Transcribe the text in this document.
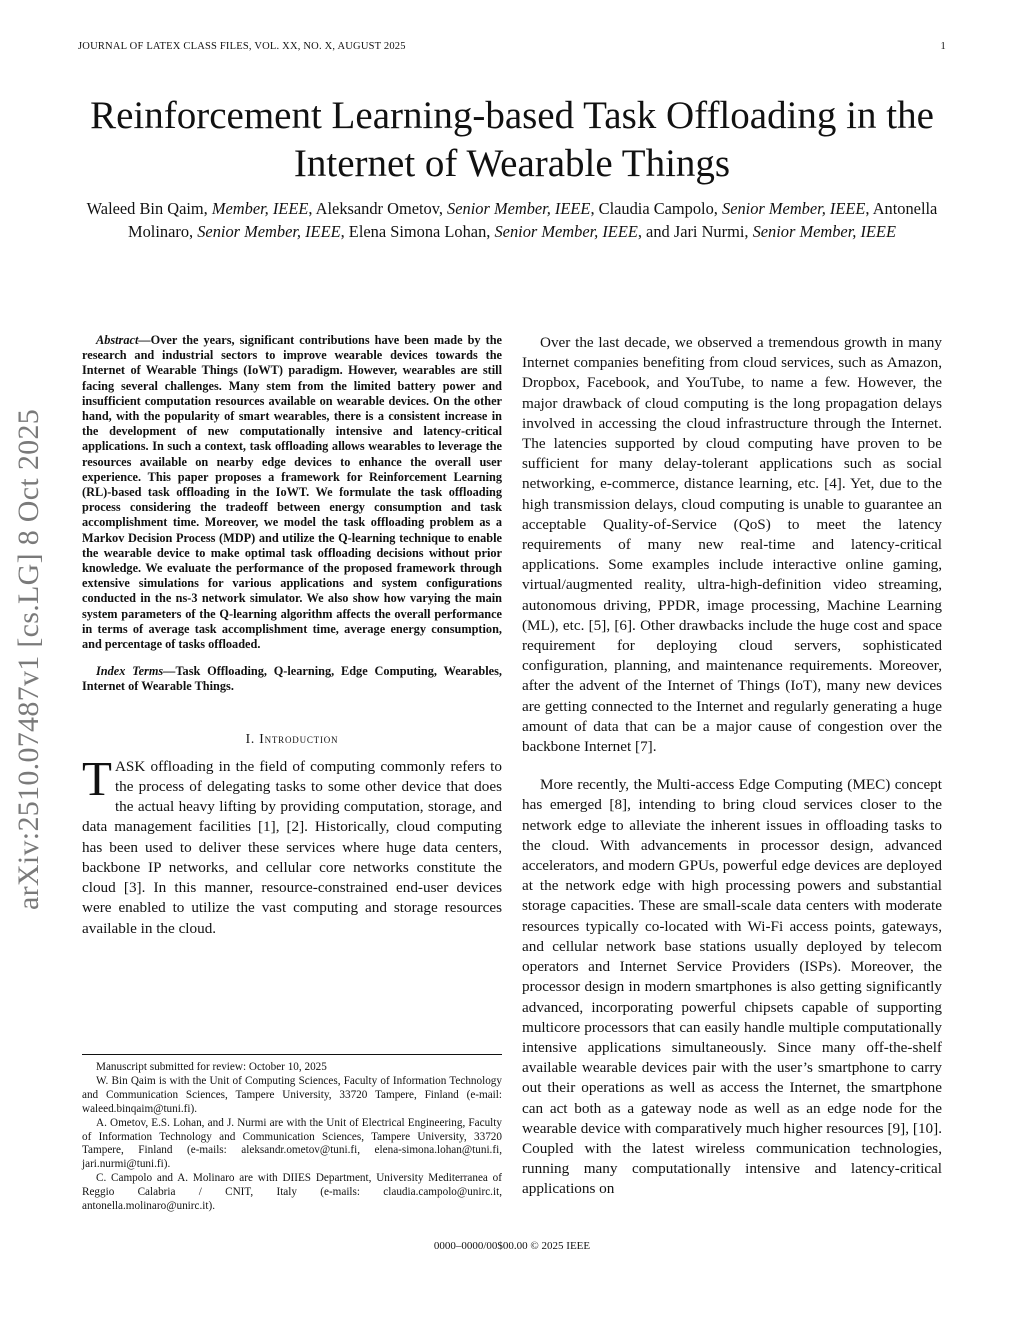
JOURNAL OF LATEX CLASS FILES, VOL. XX, NO. X, AUGUST 2025	1
arXiv:2510.07487v1 [cs.LG] 8 Oct 2025
Reinforcement Learning-based Task Offloading in the Internet of Wearable Things
Waleed Bin Qaim, Member, IEEE, Aleksandr Ometov, Senior Member, IEEE, Claudia Campolo, Senior Member, IEEE, Antonella Molinaro, Senior Member, IEEE, Elena Simona Lohan, Senior Member, IEEE, and Jari Nurmi, Senior Member, IEEE

Abstract—Over the years, significant contributions have been made by the research and industrial sectors to improve wearable devices towards the Internet of Wearable Things (IoWT) paradigm. However, wearables are still facing several challenges. Many stem from the limited battery power and insufficient computation resources available on wearable devices. On the other hand, with the popularity of smart wearables, there is a consistent increase in the development of new computationally intensive and latency-critical applications. In such a context, task offloading allows wearables to leverage the resources available on nearby edge devices to enhance the overall user experience. This paper proposes a framework for Reinforcement Learning (RL)-based task offloading in the IoWT. We formulate the task offloading process considering the tradeoff between energy consumption and task accomplishment time. Moreover, we model the task offloading problem as a Markov Decision Process (MDP) and utilize the Q-learning technique to enable the wearable device to make optimal task offloading decisions without prior knowledge. We evaluate the performance of the proposed framework through extensive simulations for various applications and system configurations conducted in the ns-3 network simulator. We also show how varying the main system parameters of the Q-learning algorithm affects the overall performance in terms of average task accomplishment time, average energy consumption, and percentage of tasks offloaded.

Index Terms—Task Offloading, Q-learning, Edge Computing, Wearables, Internet of Wearable Things.

I. Introduction

TASK offloading in the field of computing commonly refers to the process of delegating tasks to some other device that does the actual heavy lifting by providing computation, storage, and data management facilities [1], [2]. Historically, cloud computing has been used to deliver these services where huge data centers, backbone IP networks, and cellular core networks constitute the cloud [3]. In this manner, resource-constrained end-user devices were enabled to utilize the vast computing and storage resources available in the cloud.

Manuscript submitted for review: October 10, 2025

W. Bin Qaim is with the Unit of Computing Sciences, Faculty of Information Technology and Communication Sciences, Tampere University, 33720 Tampere, Finland (e-mail: waleed.binqaim@tuni.fi).

A. Ometov, E.S. Lohan, and J. Nurmi are with the Unit of Electrical Engineering, Faculty of Information Technology and Communication Sciences, Tampere University, 33720 Tampere, Finland (e-mails: aleksandr.ometov@tuni.fi, elena-simona.lohan@tuni.fi, jari.nurmi@tuni.fi).

C. Campolo and A. Molinaro are with DIIES Department, University Mediterranea of Reggio Calabria / CNIT, Italy (e-mails: claudia.campolo@unirc.it, antonella.molinaro@unirc.it).

Over the last decade, we observed a tremendous growth in many Internet companies benefiting from cloud services, such as Amazon, Dropbox, Facebook, and YouTube, to name a few. However, the major drawback of cloud computing is the long propagation delays involved in accessing the cloud infrastructure through the Internet. The latencies supported by cloud computing have proven to be sufficient for many delay-tolerant applications such as social networking, e-commerce, distance learning, etc. [4]. Yet, due to the high transmission delays, cloud computing is unable to guarantee an acceptable Quality-of-Service (QoS) to meet the latency requirements of many new real-time and latency-critical applications. Some examples include interactive online gaming, virtual/augmented reality, ultra-high-definition video streaming, autonomous driving, PPDR, image processing, Machine Learning (ML), etc. [5], [6]. Other drawbacks include the huge cost and space requirement for deploying cloud servers, sophisticated configuration, planning, and maintenance requirements. Moreover, after the advent of the Internet of Things (IoT), many new devices are getting connected to the Internet and regularly generating a huge amount of data that can be a major cause of congestion over the backbone Internet [7].

More recently, the Multi-access Edge Computing (MEC) concept has emerged [8], intending to bring cloud services closer to the network edge to alleviate the inherent issues in offloading tasks to the cloud. With advancements in processor design, advanced accelerators, and modern GPUs, powerful edge devices are deployed at the network edge with high processing powers and substantial storage capacities. These are small-scale data centers with moderate resources typically co-located with Wi-Fi access points, gateways, and cellular network base stations usually deployed by telecom operators and Internet Service Providers (ISPs). Moreover, the processor design in modern smartphones is also getting significantly advanced, incorporating powerful chipsets capable of supporting multicore processors that can easily handle multiple computationally intensive applications simultaneously. Since many off-the-shelf available wearable devices pair with the user’s smartphone to carry out their operations as well as access the Internet, the smartphone can act both as a gateway node as well as an edge node for the wearable device with comparatively much higher resources [9], [10]. Coupled with the latest wireless communication technologies, running many computationally intensive and latency-critical applications on

0000–0000/00$00.00 © 2025 IEEE
